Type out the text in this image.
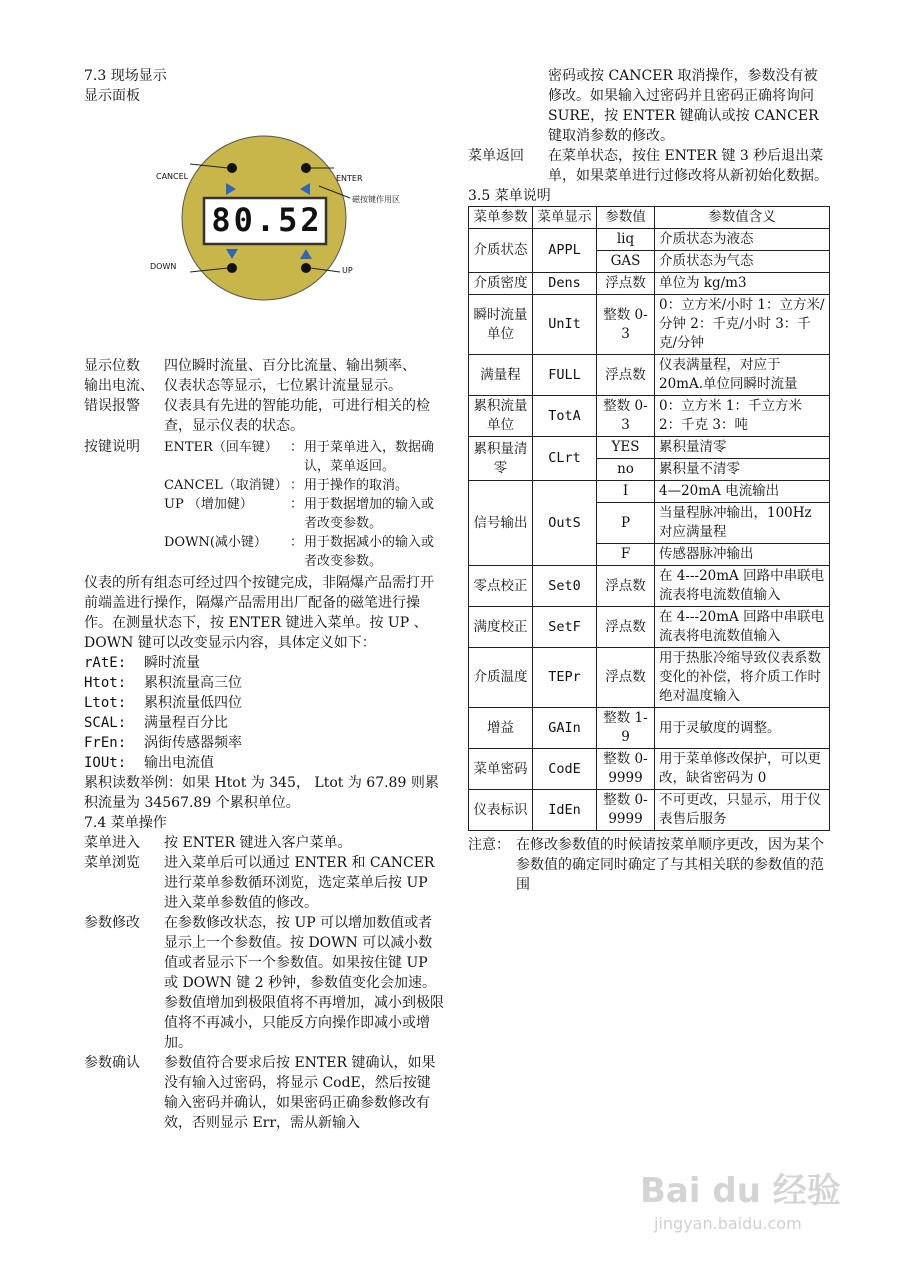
7.3 现场显示
显示面板
80.52
CANCEL	ENTER
磁按键作用区
DOWN	UP
显示位数	四位瞬时流量、百分比流量、输出频率、
输出电流、 仪表状态等显示，七位累计流量显示。
错误报警	仪表具有先进的智能功能，可进行相关的检查，显示仪表的状态。
按键说明	ENTER（回车键） ： 用于菜单进入，数据确认，菜单返回。
CANCEL（取消键） ： 用于操作的取消。
UP （增加健）	： 用于数据增加的输入或者改变参数。
DOWN(减小键）	： 用于数据减小的输入或者改变参数。
仪表的所有组态可经过四个按键完成，非隔爆产品需打开前端盖进行操作，隔爆产品需用出厂配备的磁笔进行操作。在测量状态下，按 ENTER 键进入菜单。按 UP 、DOWN 键可以改变显示内容，具体定义如下：
rAtE:	瞬时流量
Htot:	累积流量高三位
Ltot:	累积流量低四位
SCAL:	满量程百分比
FrEn:	涡街传感器频率
IOUt:	输出电流值
累积读数举例：如果 Htot 为 345， Ltot 为 67.89 则累积流量为 34567.89 个累积单位。
7.4 菜单操作
菜单进入	按 ENTER 键进入客户菜单。
菜单浏览	进入菜单后可以通过 ENTER 和 CANCER 进行菜单参数循环浏览，选定菜单后按 UP 进入菜单参数值的修改。
参数修改	在参数修改状态，按 UP 可以增加数值或者显示上一个参数值。按 DOWN 可以减小数值或者显示下一个参数值。如果按住键 UP 或 DOWN 键 2 秒钟，参数值变化会加速。参数值增加到极限值将不再增加，减小到极限值将不再减小，只能反方向操作即减小或增加。
参数确认	参数值符合要求后按 ENTER 键确认，如果没有输入过密码，将显示 CodE，然后按键输入密码并确认，如果密码正确参数修改有效，否则显示 Err，需从新输入
密码或按 CANCER 取消操作，参数没有被修改。如果输入过密码并且密码正确将询问 SURE，按 ENTER 键确认或按 CANCER 键取消参数的修改。
菜单返回	在菜单状态，按住 ENTER 键 3 秒后退出菜单，如果菜单进行过修改将从新初始化数据。
3.5 菜单说明
菜单参数	菜单显示	参数值	参数值含义
介质状态	APPL	liq	介质状态为液态
		GAS	介质状态为气态
介质密度	Dens	浮点数	单位为 kg/m3
瞬时流量单位	UnIt	整数 0-3	0：立方米/小时 1：立方米/分钟 2：千克/小时 3：千克/分钟
满量程	FULL	浮点数	仪表满量程，对应于 20mA.单位同瞬时流量
累积流量单位	TotA	整数 0-3	0：立方米 1：千立方米 2：千克 3：吨
累积量清零	CLrt	YES	累积量清零
		no	累积量不清零
信号输出	OutS	I	4—20mA 电流输出
		P	当量程脉冲输出，100Hz 对应满量程
		F	传感器脉冲输出
零点校正	Set0	浮点数	在 4---20mA 回路中串联电流表将电流数值输入
满度校正	SetF	浮点数	在 4---20mA 回路中串联电流表将电流数值输入
介质温度	TEPr	浮点数	用于热胀冷缩导致仪表系数变化的补偿，将介质工作时绝对温度输入
增益	GAIn	整数 1-9	用于灵敏度的调整。
菜单密码	CodE	整数 0-9999	用于菜单修改保护，可以更改，缺省密码为 0
仪表标识	IdEn	整数 0-9999	不可更改，只显示，用于仪表售后服务
注意： 在修改参数值的时候请按菜单顺序更改，因为某个参数值的确定同时确定了与其相关联的参数值的范围
Bai du 经验
jingyan.baidu.com
